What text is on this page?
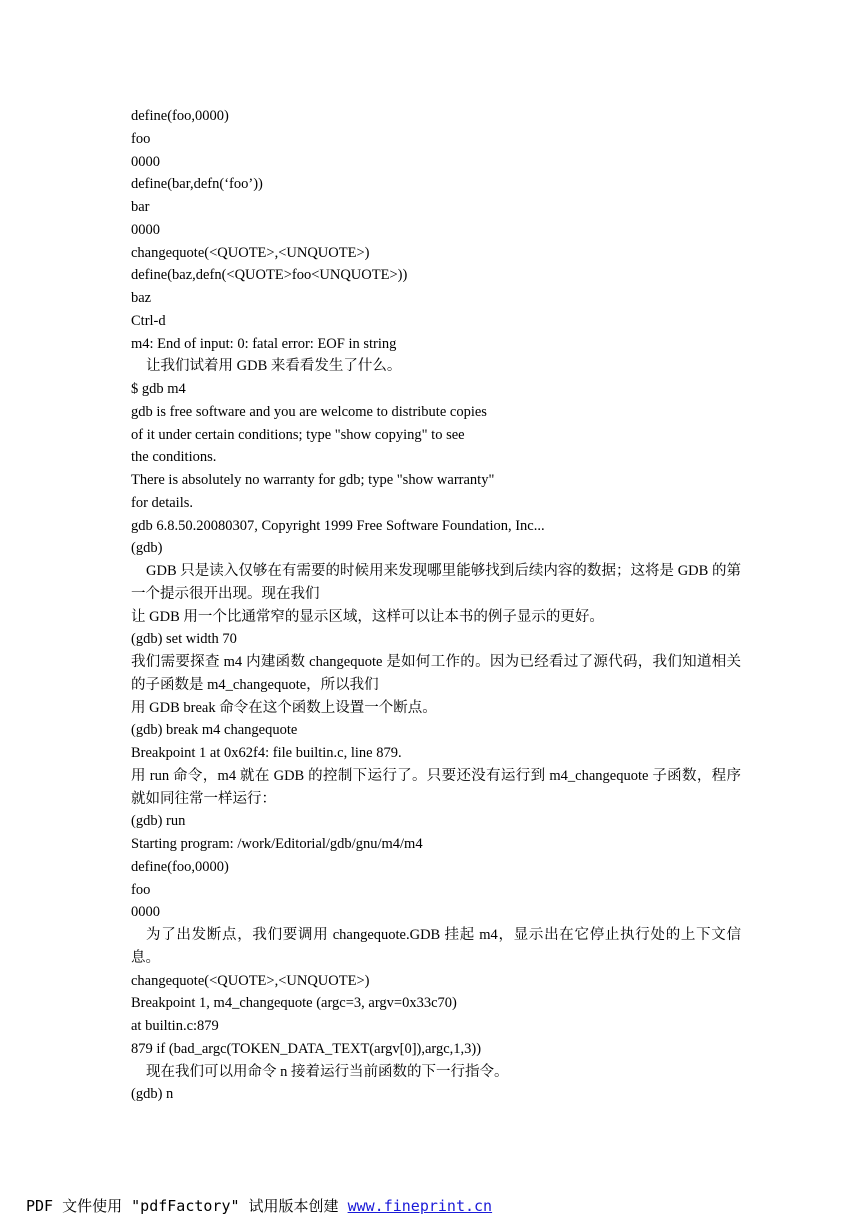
define(foo,0000)
foo
0000
define(bar,defn(‘foo’))
bar
0000
changequote(<QUOTE>,<UNQUOTE>)
define(baz,defn(<QUOTE>foo<UNQUOTE>))
baz
Ctrl-d
m4: End of input: 0: fatal error: EOF in string
让我们试着用 GDB 来看看发生了什么。
$ gdb m4
gdb is free software and you are welcome to distribute copies
of it under certain conditions; type "show copying" to see
the conditions.
There is absolutely no warranty for gdb; type "show warranty"
for details.
gdb 6.8.50.20080307, Copyright 1999 Free Software Foundation, Inc...
(gdb)
GDB 只是读入仅够在有需要的时候用来发现哪里能够找到后续内容的数据；这将是 GDB 的第一个提示很开出现。现在我们
让 GDB 用一个比通常窄的显示区域，这样可以让本书的例子显示的更好。
(gdb) set width 70
我们需要探查 m4 内建函数 changequote 是如何工作的。因为已经看过了源代码，我们知道相关的子函数是 m4_changequote，所以我们
用 GDB break 命令在这个函数上设置一个断点。
(gdb) break m4 changequote
Breakpoint 1 at 0x62f4: file builtin.c, line 879.
用 run 命令，m4 就在 GDB 的控制下运行了。只要还没有运行到 m4_changequote 子函数，程序就如同往常一样运行：
(gdb) run
Starting program: /work/Editorial/gdb/gnu/m4/m4
define(foo,0000)
foo
0000
为了出发断点，我们要调用 changequote.GDB 挂起 m4，显示出在它停止执行处的上下文信息。
changequote(<QUOTE>,<UNQUOTE>)
Breakpoint 1, m4_changequote (argc=3, argv=0x33c70)
at builtin.c:879
879 if (bad_argc(TOKEN_DATA_TEXT(argv[0]),argc,1,3))
现在我们可以用命令 n 接着运行当前函数的下一行指令。
(gdb) n
PDF 文件使用 "pdfFactory" 试用版本创建 www.fineprint.cn
